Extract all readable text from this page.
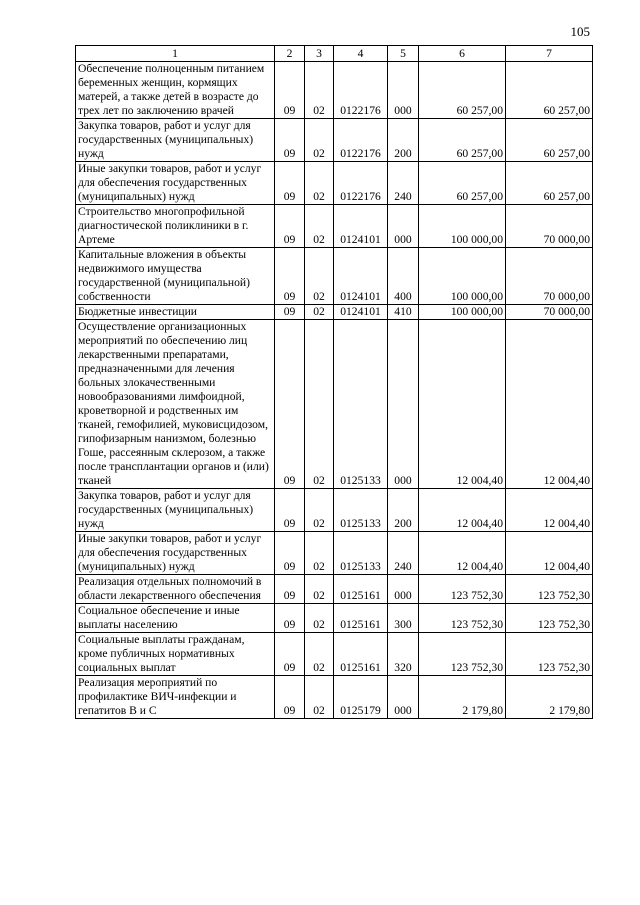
105
1	2	3	4	5	6	7
Обеспечение полноценным питанием беременных женщин, кормящих матерей, а также детей в возрасте до трех лет по заключению врачей	09	02	0122176	000	60 257,00	60 257,00
Закупка товаров, работ и услуг для государственных (муниципальных) нужд	09	02	0122176	200	60 257,00	60 257,00
Иные закупки товаров, работ и услуг для обеспечения государственных (муниципальных) нужд	09	02	0122176	240	60 257,00	60 257,00
Строительство многопрофильной диагностической поликлиники в г. Артеме	09	02	0124101	000	100 000,00	70 000,00
Капитальные вложения в объекты недвижимого имущества государственной (муниципальной) собственности	09	02	0124101	400	100 000,00	70 000,00
Бюджетные инвестиции	09	02	0124101	410	100 000,00	70 000,00
Осуществление организационных мероприятий по обеспечению лиц лекарственными препаратами, предназначенными для лечения больных злокачественными новообразованиями лимфоидной, кроветворной и родственных им тканей, гемофилией, муковисцидозом, гипофизарным нанизмом, болезнью Гоше, рассеянным склерозом, а также после трансплантации органов и (или) тканей	09	02	0125133	000	12 004,40	12 004,40
Закупка товаров, работ и услуг для государственных (муниципальных) нужд	09	02	0125133	200	12 004,40	12 004,40
Иные закупки товаров, работ и услуг для обеспечения государственных (муниципальных) нужд	09	02	0125133	240	12 004,40	12 004,40
Реализация отдельных полномочий в области лекарственного обеспечения	09	02	0125161	000	123 752,30	123 752,30
Социальное обеспечение и иные выплаты населению	09	02	0125161	300	123 752,30	123 752,30
Социальные выплаты гражданам, кроме публичных нормативных социальных выплат	09	02	0125161	320	123 752,30	123 752,30
Реализация мероприятий по профилактике ВИЧ-инфекции и гепатитов В и С	09	02	0125179	000	2 179,80	2 179,80
